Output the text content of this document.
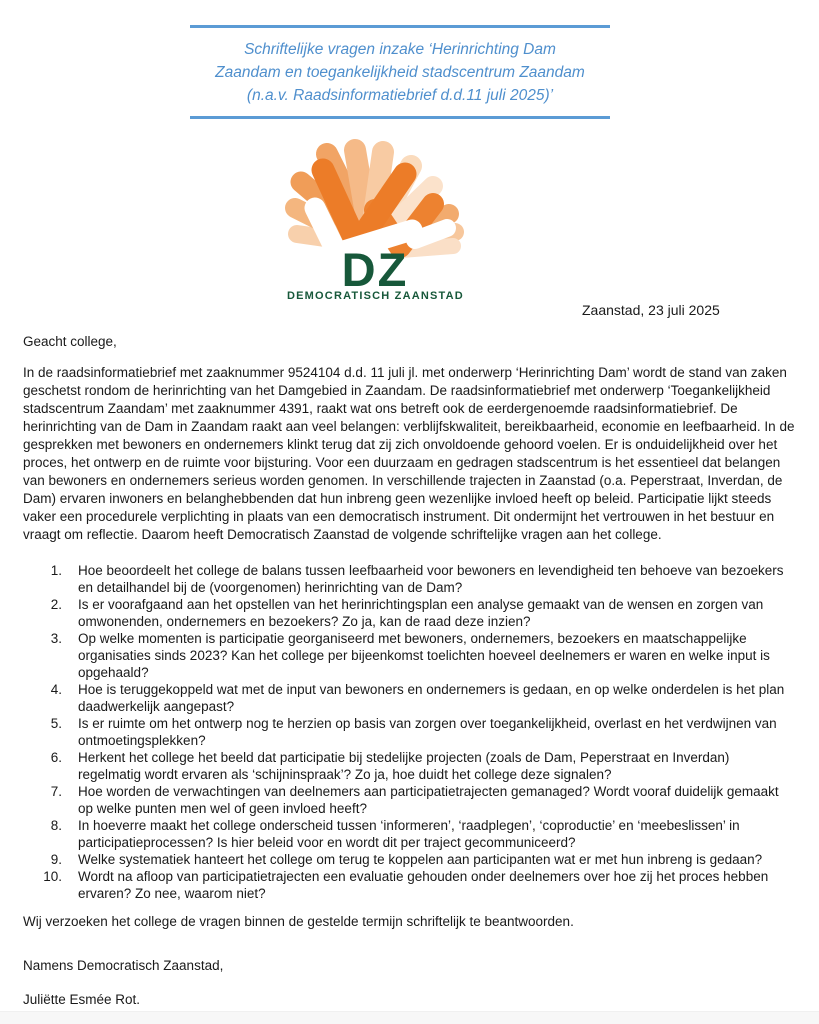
Schriftelijke vragen inzake ‘Herinrichting Dam
Zaandam en toegankelijkheid stadscentrum Zaandam
(n.a.v. Raadsinformatiebrief d.d.11 juli 2025)’
DZ
DEMOCRATISCH ZAANSTAD
Zaanstad, 23 juli 2025

Geacht college,

In de raadsinformatiebrief met zaaknummer 9524104 d.d. 11 juli jl. met onderwerp ‘Herinrichting Dam’ wordt de stand van zaken geschetst rondom de herinrichting van het Damgebied in Zaandam. De raadsinformatiebrief met onderwerp ‘Toegankelijkheid stadscentrum Zaandam’ met zaaknummer 4391, raakt wat ons betreft ook de eerdergenoemde raadsinformatiebrief. De herinrichting van de Dam in Zaandam raakt aan veel belangen: verblijfskwaliteit, bereikbaarheid, economie en leefbaarheid. In de gesprekken met bewoners en ondernemers klinkt terug dat zij zich onvoldoende gehoord voelen. Er is onduidelijkheid over het proces, het ontwerp en de ruimte voor bijsturing. Voor een duurzaam en gedragen stadscentrum is het essentieel dat belangen van bewoners en ondernemers serieus worden genomen. In verschillende trajecten in Zaanstad (o.a. Peperstraat, Inverdan, de Dam) ervaren inwoners en belanghebbenden dat hun inbreng geen wezenlijke invloed heeft op beleid. Participatie lijkt steeds vaker een procedurele verplichting in plaats van een democratisch instrument. Dit ondermijnt het vertrouwen in het bestuur en vraagt om reflectie. Daarom heeft Democratisch Zaanstad de volgende schriftelijke vragen aan het college.

Hoe beoordeelt het college de balans tussen leefbaarheid voor bewoners en levendigheid ten behoeve van bezoekers en detailhandel bij de (voorgenomen) herinrichting van de Dam?
Is er voorafgaand aan het opstellen van het herinrichtingsplan een analyse gemaakt van de wensen en zorgen van omwonenden, ondernemers en bezoekers? Zo ja, kan de raad deze inzien?
Op welke momenten is participatie georganiseerd met bewoners, ondernemers, bezoekers en maatschappelijke organisaties sinds 2023? Kan het college per bijeenkomst toelichten hoeveel deelnemers er waren en welke input is opgehaald?
Hoe is teruggekoppeld wat met de input van bewoners en ondernemers is gedaan, en op welke onderdelen is het plan daadwerkelijk aangepast?
Is er ruimte om het ontwerp nog te herzien op basis van zorgen over toegankelijkheid, overlast en het verdwijnen van ontmoetingsplekken?
Herkent het college het beeld dat participatie bij stedelijke projecten (zoals de Dam, Peperstraat en Inverdan) regelmatig wordt ervaren als ‘schijninspraak’? Zo ja, hoe duidt het college deze signalen?
Hoe worden de verwachtingen van deelnemers aan participatietrajecten gemanaged? Wordt vooraf duidelijk gemaakt op welke punten men wel of geen invloed heeft?
In hoeverre maakt het college onderscheid tussen ‘informeren’, ‘raadplegen’, ‘coproductie’ en ‘meebeslissen’ in participatieprocessen? Is hier beleid voor en wordt dit per traject gecommuniceerd?
Welke systematiek hanteert het college om terug te koppelen aan participanten wat er met hun inbreng is gedaan?
Wordt na afloop van participatietrajecten een evaluatie gehouden onder deelnemers over hoe zij het proces hebben ervaren? Zo nee, waarom niet?

Wij verzoeken het college de vragen binnen de gestelde termijn schriftelijk te beantwoorden.

Namens Democratisch Zaanstad,

Juliëtte Esmée Rot.
